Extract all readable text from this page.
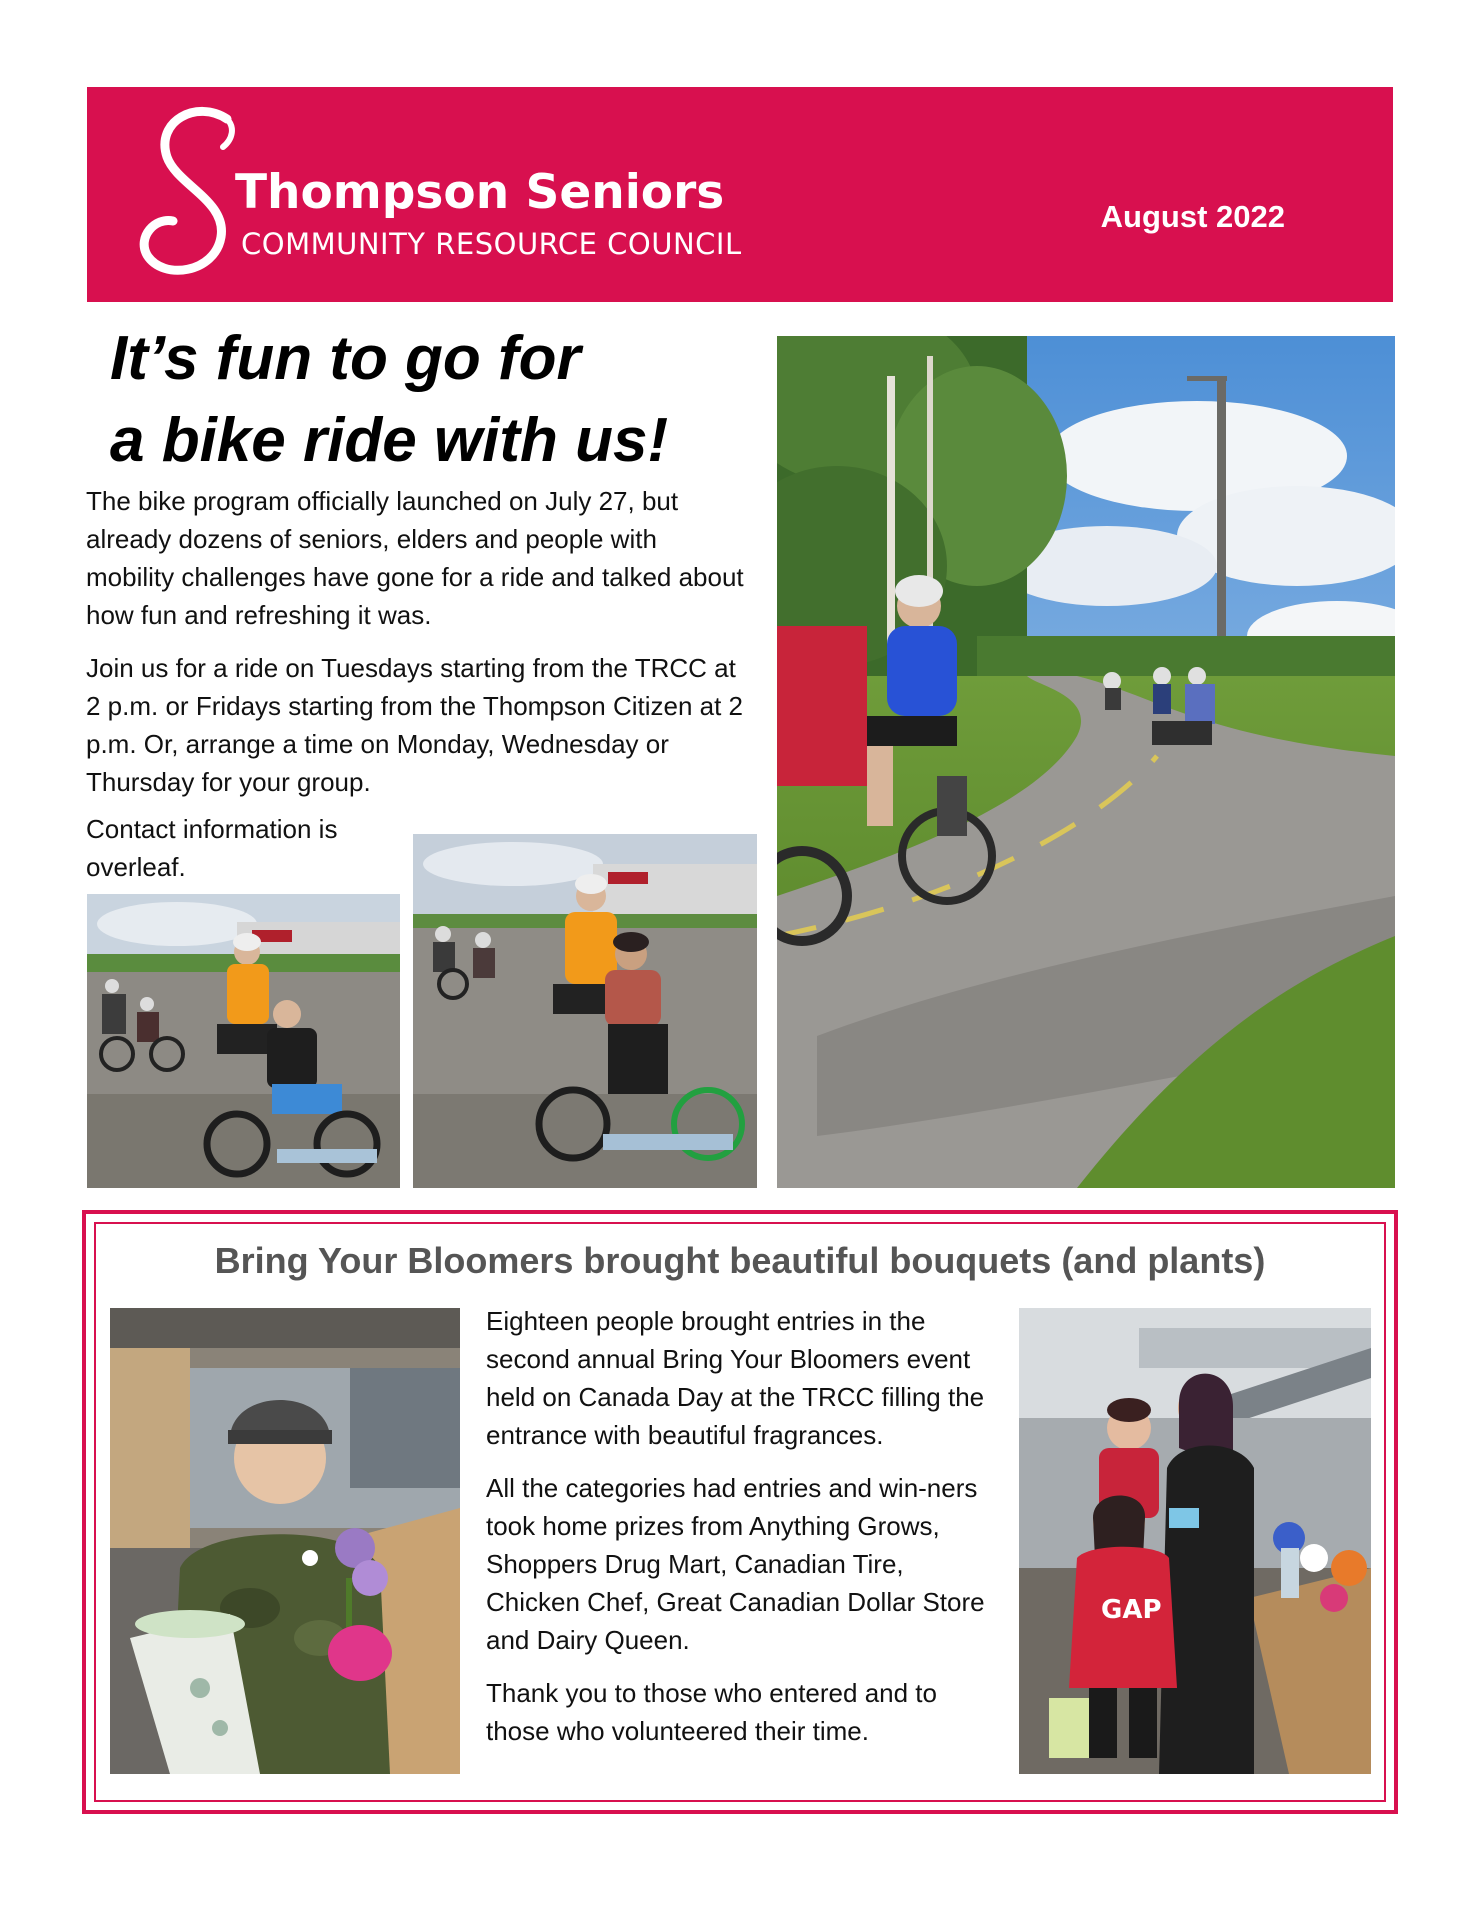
Thompson Seniors
COMMUNITY RESOURCE COUNCIL
August 2022
It’s fun to go for
a bike ride with us!

The bike program officially launched on July 27, but already dozens of seniors, elders and people with mobility challenges have gone for a ride and talked about how fun and refreshing it was.

Join us for a ride on Tuesdays starting from the TRCC at 2 p.m. or Fridays starting from the Thompson Citizen at 2 p.m. Or, arrange a time on Monday, Wednesday or Thursday for your group.

Contact information is overleaf.

Bring Your Bloomers brought beautiful bouquets (and plants)

Eighteen people brought entries in the second annual Bring Your Bloomers event held on Canada Day at the TRCC filling the entrance with beautiful fragrances.

All the categories had entries and win-ners took home prizes from Anything Grows, Shoppers Drug Mart, Canadian Tire, Chicken Chef, Great Canadian Dollar Store and Dairy Queen.

Thank you to those who entered and to those who volunteered their time.

GAP
